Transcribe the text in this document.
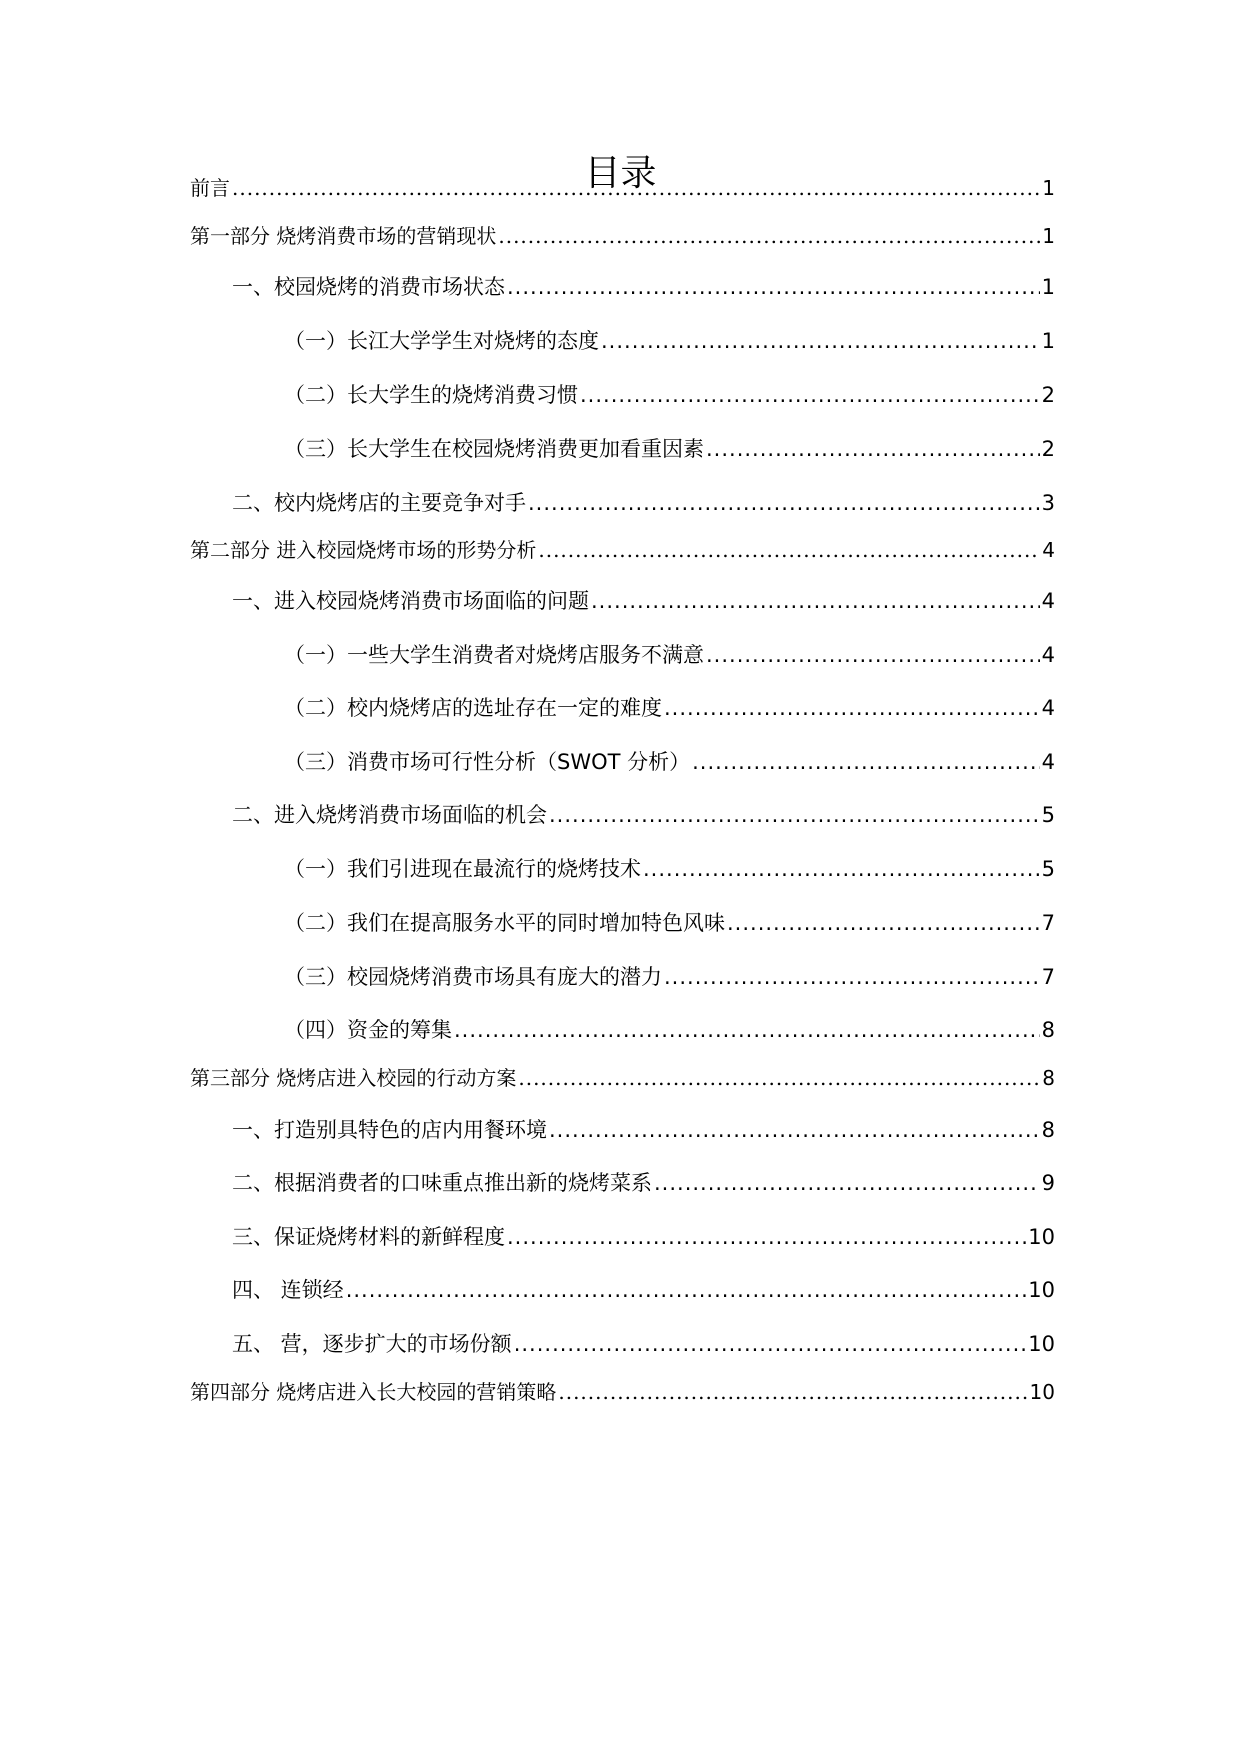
目录
前言 .....	1
第一部分 烧烤消费市场的营销现状 .....	1
一、校园烧烤的消费市场状态 .....	1
（一）长江大学学生对烧烤的态度 .....	1
（二）长大学生的烧烤消费习惯 .....	2
（三）长大学生在校园烧烤消费更加看重因素 .....	2
二、校内烧烤店的主要竞争对手 .....	3
第二部分 进入校园烧烤市场的形势分析 .....	4
一、进入校园烧烤消费市场面临的问题 .....	4
（一）一些大学生消费者对烧烤店服务不满意 .....	4
（二）校内烧烤店的选址存在一定的难度 .....	4
（三）消费市场可行性分析（SWOT 分析） .....	4
二、进入烧烤消费市场面临的机会 .....	5
（一）我们引进现在最流行的烧烤技术 .....	5
（二）我们在提高服务水平的同时增加特色风味 .....	7
（三）校园烧烤消费市场具有庞大的潜力 .....	7
（四）资金的筹集 .....	8
第三部分 烧烤店进入校园的行动方案 .....	8
一、打造别具特色的店内用餐环境 .....	8
二、根据消费者的口味重点推出新的烧烤菜系 .....	9
三、保证烧烤材料的新鲜程度 .....	10
四、 连锁经 .....	10
五、 营，逐步扩大的市场份额 .....	10
第四部分 烧烤店进入长大校园的营销策略 .....	10
